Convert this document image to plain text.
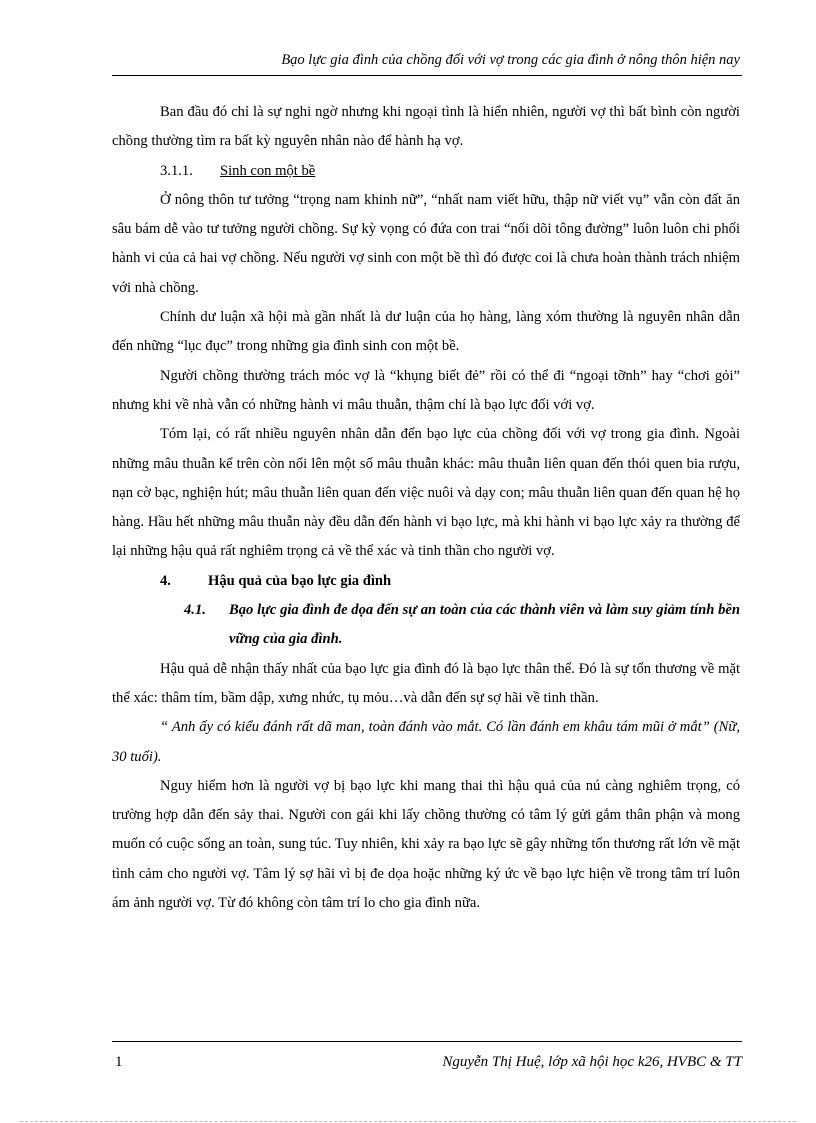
Bạo lực gia đình của chồng đối với vợ trong các gia đình ở nông thôn hiện nay

Ban đầu đó chỉ là sự nghi ngờ nhưng khi ngoại tình là hiển nhiên, người vợ thì bất bình còn người chồng thường tìm ra bất kỳ nguyên nhân nào để hành hạ vợ.

3.1.1. Sinh con một bề

Ở nông thôn tư tưởng “trọng nam khinh nữ”, “nhất nam viết hữu, thập nữ viết vụ” vẫn còn đất ăn sâu bám dễ vào tư tưởng người chồng. Sự kỳ vọng có đứa con trai “nối dõi tông đường” luôn luôn chi phối hành vi của cả hai vợ chồng. Nếu người vợ sinh con một bề thì đó được coi là chưa hoàn thành trách nhiệm với nhà chồng.

Chính dư luận xã hội mà gần nhất là dư luận của họ hàng, làng xóm thường là nguyên nhân dẫn đến những “lục đục” trong những gia đình sinh con một bề.

Người chồng thường trách móc vợ là “khụng biết đẻ” rồi có thể đi “ngoại tỡnh” hay “chơi gỏi” nhưng khi về nhà vẫn có những hành vi mâu thuẫn, thậm chí là bạo lực đối với vợ.

Tóm lại, có rất nhiều nguyên nhân dẫn đến bạo lực của chồng đối với vợ trong gia đình. Ngoài những mâu thuẫn kể trên còn nổi lên một số mâu thuẫn khác: mâu thuẫn liên quan đến thói quen bia rượu, nạn cờ bạc, nghiện hút; mâu thuẫn liên quan đến việc nuôi và dạy con; mâu thuẫn liên quan đến quan hệ họ hàng. Hầu hết những mâu thuẫn này đều dẫn đến hành vi bạo lực, mà khi hành vi bạo lực xảy ra thường để lại những hậu quả rất nghiêm trọng cả về thể xác và tinh thần cho người vợ.

4.	Hậu quả của bạo lực gia đình

4.1.	Bạo lực gia đình đe dọa đến sự an toàn của các thành viên và làm suy giảm tính bền vững của gia đình.

Hậu quả dễ nhận thấy nhất của bạo lực gia đình đó là bạo lực thân thể. Đó là sự tổn thương về mặt thể xác: thâm tím, bầm dập, xưng nhức, tụ mỏu…và dẫn đến sự sợ hãi về tinh thần.

“ Anh ấy có kiểu đánh rất dã man, toàn đánh vào mắt. Có lần đánh em khâu tám mũi ở mắt” (Nữ, 30 tuổi).

Nguy hiểm hơn là người vợ bị bạo lực khi mang thai thì hậu quả của nú càng nghiêm trọng, có trường hợp dẫn đến sảy thai. Người con gái khi lấy chồng thường có tâm lý gửi gắm thân phận và mong muốn có cuộc sống an toàn, sung túc. Tuy nhiên, khi xảy ra bạo lực sẽ gây những tổn thương rất lớn về mặt tình cảm cho người vợ. Tâm lý sợ hãi vì bị đe dọa hoặc những ký ức về bạo lực hiện về trong tâm trí luôn ám ảnh người vợ. Từ đó không còn tâm trí lo cho gia đình nữa.

1	Nguyễn Thị Huệ, lớp xã hội học k26, HVBC & TT
